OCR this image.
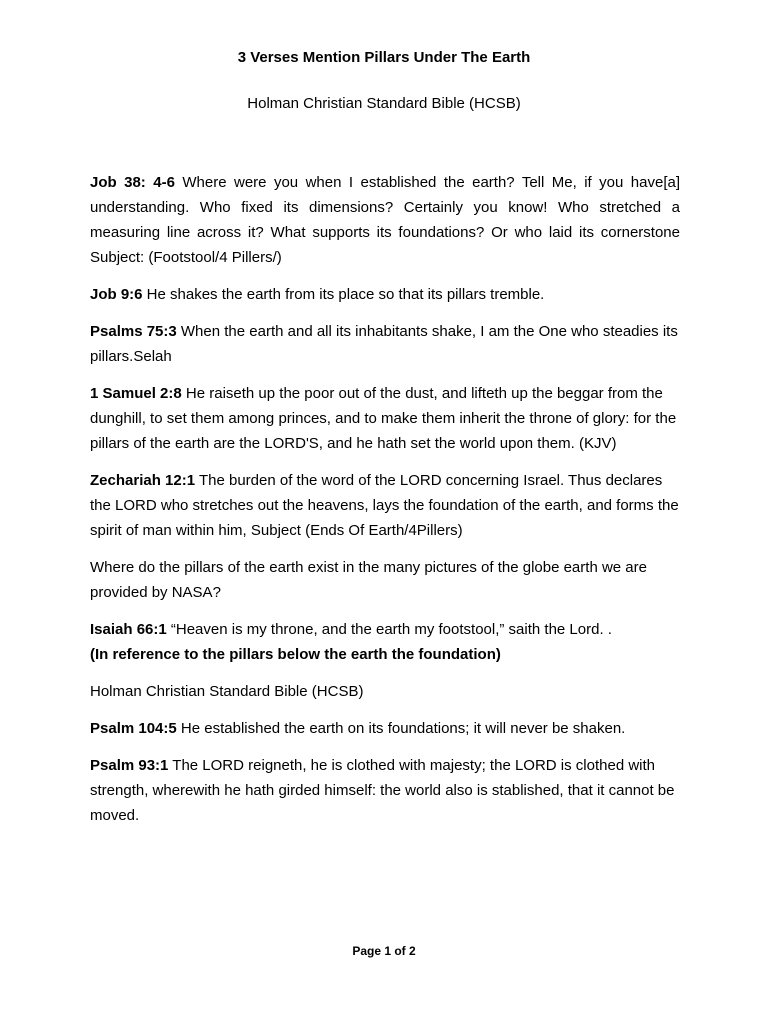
3 Verses Mention Pillars Under The Earth
Holman Christian Standard Bible (HCSB)

Job 38: 4-6 Where were you when I established the earth? Tell Me, if you have[a] understanding. Who fixed its dimensions? Certainly you know! Who stretched a measuring line across it? What supports its foundations? Or who laid its cornerstone Subject: (Footstool/4 Pillers/)

Job 9:6 He shakes the earth from its place so that its pillars tremble.

Psalms 75:3 When the earth and all its inhabitants shake, I am the One who steadies its pillars.Selah

1 Samuel 2:8 He raiseth up the poor out of the dust, and lifteth up the beggar from the dunghill, to set them among princes, and to make them inherit the throne of glory: for the pillars of the earth are the LORD'S, and he hath set the world upon them. (KJV)

Zechariah 12:1 The burden of the word of the LORD concerning Israel. Thus declares the LORD who stretches out the heavens, lays the foundation of the earth, and forms the spirit of man within him, Subject (Ends Of Earth/4Pillers)

Where do the pillars of the earth exist in the many pictures of the globe earth we are provided by NASA?

Isaiah 66:1 “Heaven is my throne, and the earth my footstool,” saith the Lord. .
(In reference to the pillars below the earth the foundation)

Holman Christian Standard Bible (HCSB)

Psalm 104:5 He established the earth on its foundations; it will never be shaken.

Psalm 93:1 The LORD reigneth, he is clothed with majesty; the LORD is clothed with strength, wherewith he hath girded himself: the world also is stablished, that it cannot be moved.

Page 1 of 2
